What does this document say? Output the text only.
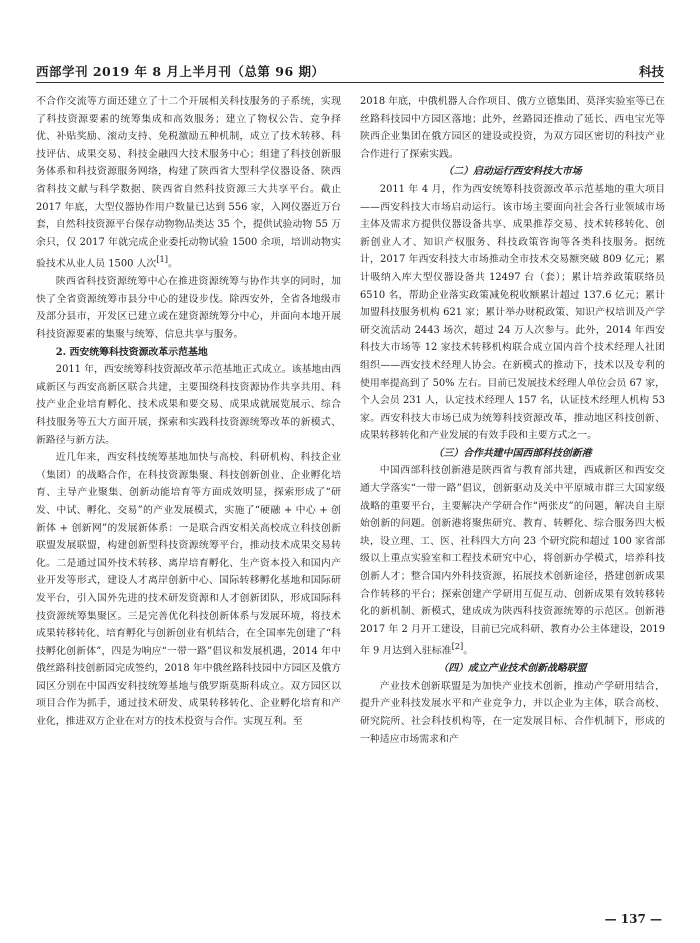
西部学刊 2019 年 8 月上半月刊（总第 96 期）	科技

不合作交流等方面还建立了十二个开展相关科技服务的子系统，实现了科技资源要素的统筹集成和高效服务；建立了物权公告、竞争择优、补贴奖励、滚动支持、免税激励五种机制，成立了技术转移、科技评估、成果交易、科技金融四大技术服务中心；组建了科技创新服务体系和科技资源服务网络，构建了陕西省大型科学仪器设备、陕西省科技文献与科学数据、陕西省自然科技资源三大共享平台。截止 2017 年底，大型仪器协作用户数量已达到 556 家，入网仪器近万台套，自然科技资源平台保存动物物品类达 35 个，提供试验动物 55 万余只，仅 2017 年就完成企业委托动物试验 1500 余项，培训动物实验技术从业人员 1500 人次[1]。

陕西省科技资源统筹中心在推进资源统筹与协作共享的同时，加快了全省资源统筹市县分中心的建设步伐。除西安外，全省各地级市及部分县市，开发区已建立或在建资源统筹分中心，并面向本地开展科技资源要素的集聚与统筹、信息共享与服务。

2. 西安统筹科技资源改革示范基地

2011 年，西安统筹科技资源改革示范基地正式成立。该基地由西咸新区与西安高新区联合共建，主要围绕科技资源协作共享共用、科技产业企业培育孵化、技术成果和要交易、成果成就展览展示、综合科技服务等五大方面开展，探索和实践科技资源统筹改革的新模式、新路径与新方法。

近几年来，西安科技统筹基地加快与高校、科研机构、科技企业（集团）的战略合作，在科技资源集聚、科技创新创业、企业孵化培育、主导产业聚集、创新动能培育等方面成效明显，探索形成了“研发、中试、孵化、交易”的产业发展模式，实施了“硬融 + 中心 + 创新体 + 创新网”的发展新体系：一是联合西安相关高校成立科技创新联盟发展联盟，构建创新型科技资源统筹平台，推动技术成果交易转化。二是通过国外技术转移、离岸培育孵化、生产资本投入和国内产业开发等形式，建设人才离岸创新中心、国际转移孵化基地和国际研发平台，引入国外先进的技术研发资源和人才创新团队，形成国际科技资源统筹集聚区。三是完善优化科技创新体系与发展环境，将技术成果转移转化、培育孵化与创新创业有机结合，在全国率先创建了“科技孵化创新体”，四是为响应“一带一路”倡议和发展机遇，2014 年中俄丝路科技创新园完成签约，2018 年中俄丝路科技园中方园区及俄方园区分别在中国西安科技统筹基地与俄罗斯莫斯科成立。双方园区以项目合作为抓手，通过技术研发、成果转移转化、企业孵化培育和产业化，推进双方企业在对方的技术投资与合作。实现互利。至

2018 年底，中俄机器人合作项目、俄方立德集团、莫泽实验室等已在丝路科技园中方园区落地；此外，丝路园还推动了延长、西电宝光等陕西企业集团在俄方园区的建设或投资，为双方园区密切的科技产业合作进行了探索实践。

（二）启动运行西安科技大市场

2011 年 4 月，作为西安统筹科技资源改革示范基地的重大项目——西安科技大市场启动运行。该市场主要面向社会各行业领域市场主体及需求方提供仪器设备共享、成果推荐交易、技术转移转化、创新创业人才、知识产权服务、科技政策咨询等各类科技服务。据统计，2017 年西安科技大市场推动全市技术交易额突破 809 亿元；累计吸纳入库大型仪器设备共 12497 台（套）；累计培养政策联络员 6510 名，帮助企业落实政策减免税收额累计超过 137.6 亿元；累计加盟科技服务机构 621 家；累计举办财税政策、知识产权培训及产学研交流活动 2443 场次，超过 24 万人次参与。此外，2014 年西安科技大市场等 12 家技术转移机构联合成立国内首个技术经理人社团组织——西安技术经理人协会。在新模式的推动下，技术以及专利的使用率提高到了 50% 左右。目前已发展技术经理人单位会员 67 家，个人会员 231 人，认定技术经理人 157 名，认证技术经理人机构 53 家。西安科技大市场已成为统筹科技资源改革，推动地区科技创新、成果转移转化和产业发展的有效手段和主要方式之一。

（三）合作共建中国西部科技创新港

中国西部科技创新港是陕西省与教育部共建，西咸新区和西安交通大学落实“一带一路”倡议，创新驱动及关中平原城市群三大国家级战略的重要平台，主要解决产学研合作“两张皮”的问题，解决自主原始创新的问题。创新港将聚焦研究、教育、转孵化、综合服务四大板块，设立理、工、医、社科四大方向 23 个研究院和超过 100 家省部级以上重点实验室和工程技术研究中心，将创新办学模式，培养科技创新人才；整合国内外科技资源，拓展技术创新途径，搭建创新成果合作转移的平台；探索创建产学研用互促互动、创新成果有效转移转化的新机制、新模式，建成成为陕西科技资源统筹的示范区。创新港 2017 年 2 月开工建设，目前已完成科研、教育办公主体建设，2019 年 9 月达到入驻标准[2]。

（四）成立产业技术创新战略联盟

产业技术创新联盟是为加快产业技术创新，推动产学研用结合，提升产业科技发展水平和产业竞争力，并以企业为主体，联合高校、研究院所、社会科技机构等，在一定发展目标、合作机制下，形成的一种适应市场需求和产

— 137 —
